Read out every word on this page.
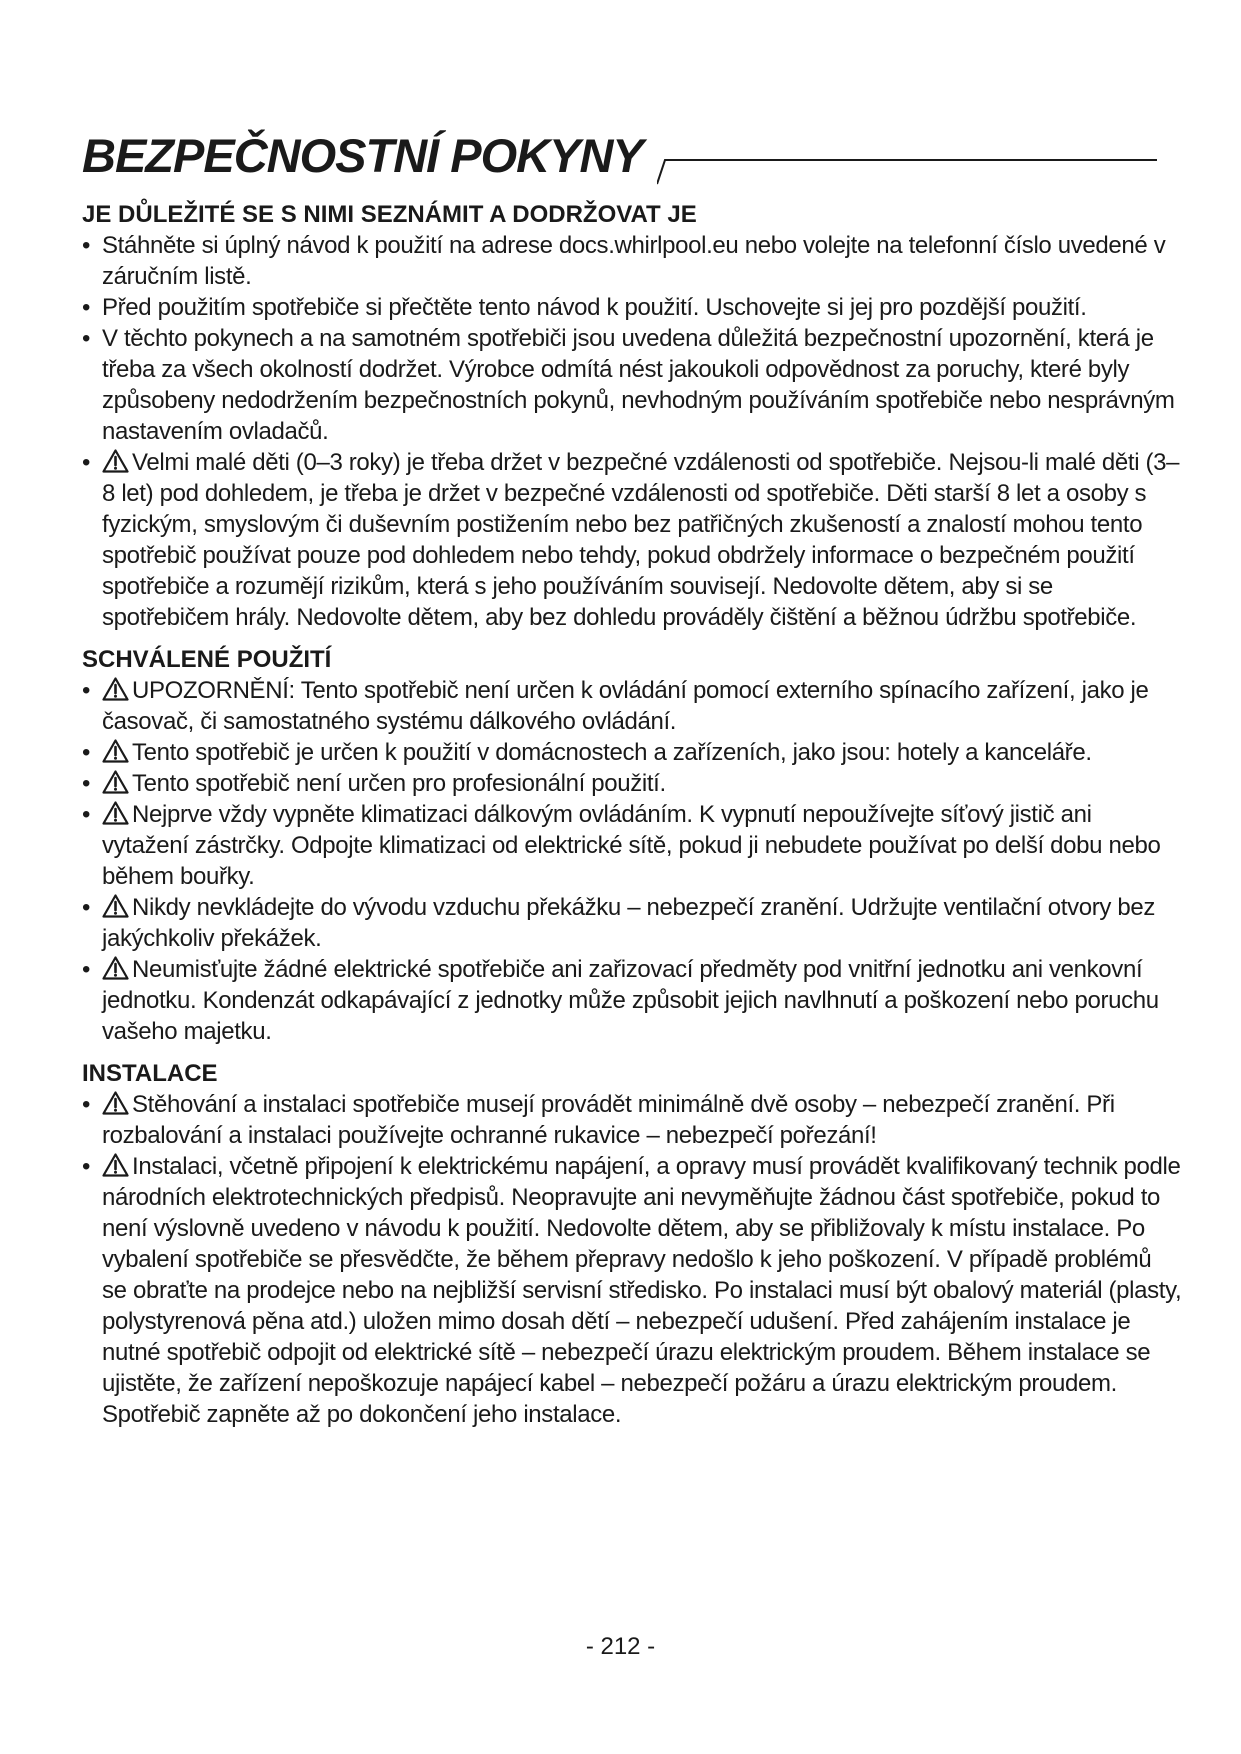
BEZPEČNOSTNÍ POKYNY
JE DŮLEŽITÉ SE S NIMI SEZNÁMIT A DODRŽOVAT JE
• Stáhněte si úplný návod k použití na adrese docs.whirlpool.eu nebo volejte na telefonní číslo uvedené v záručním listě.
• Před použitím spotřebiče si přečtěte tento návod k použití. Uschovejte si jej pro pozdější použití.
• V těchto pokynech a na samotném spotřebiči jsou uvedena důležitá bezpečnostní upozornění, která je třeba za všech okolností dodržet. Výrobce odmítá nést jakoukoli odpovědnost za poruchy, které byly způsobeny nedodržením bezpečnostních pokynů, nevhodným používáním spotřebiče nebo nesprávným nastavením ovladačů.
• Velmi malé děti (0–3 roky) je třeba držet v bezpečné vzdálenosti od spotřebiče. Nejsou-li malé děti (3–8 let) pod dohledem, je třeba je držet v bezpečné vzdálenosti od spotřebiče. Děti starší 8 let a osoby s fyzickým, smyslovým či duševním postižením nebo bez patřičných zkušeností a znalostí mohou tento spotřebič používat pouze pod dohledem nebo tehdy, pokud obdržely informace o bezpečném použití spotřebiče a rozumějí rizikům, která s jeho používáním souvisejí. Nedovolte dětem, aby si se spotřebičem hrály. Nedovolte dětem, aby bez dohledu prováděly čištění a běžnou údržbu spotřebiče.
SCHVÁLENÉ POUŽITÍ
• UPOZORNĚNÍ: Tento spotřebič není určen k ovládání pomocí externího spínacího zařízení, jako je časovač, či samostatného systému dálkového ovládání.
• Tento spotřebič je určen k použití v domácnostech a zařízeních, jako jsou: hotely a kanceláře.
• Tento spotřebič není určen pro profesionální použití.
• Nejprve vždy vypněte klimatizaci dálkovým ovládáním. K vypnutí nepoužívejte síťový jistič ani vytažení zástrčky. Odpojte klimatizaci od elektrické sítě, pokud ji nebudete používat po delší dobu nebo během bouřky.
• Nikdy nevkládejte do vývodu vzduchu překážku – nebezpečí zranění. Udržujte ventilační otvory bez jakýchkoliv překážek.
• Neumisťujte žádné elektrické spotřebiče ani zařizovací předměty pod vnitřní jednotku ani venkovní jednotku. Kondenzát odkapávající z jednotky může způsobit jejich navlhnutí a poškození nebo poruchu vašeho majetku.
INSTALACE
• Stěhování a instalaci spotřebiče musejí provádět minimálně dvě osoby – nebezpečí zranění. Při rozbalování a instalaci používejte ochranné rukavice – nebezpečí pořezání!
• Instalaci, včetně připojení k elektrickému napájení, a opravy musí provádět kvalifikovaný technik podle národních elektrotechnických předpisů. Neopravujte ani nevyměňujte žádnou část spotřebiče, pokud to není výslovně uvedeno v návodu k použití. Nedovolte dětem, aby se přibližovaly k místu instalace. Po vybalení spotřebiče se přesvědčte, že během přepravy nedošlo k jeho poškození. V případě problémů se obraťte na prodejce nebo na nejbližší servisní středisko. Po instalaci musí být obalový materiál (plasty, polystyrenová pěna atd.) uložen mimo dosah dětí – nebezpečí udušení. Před zahájením instalace je nutné spotřebič odpojit od elektrické sítě – nebezpečí úrazu elektrickým proudem. Během instalace se ujistěte, že zařízení nepoškozuje napájecí kabel – nebezpečí požáru a úrazu elektrickým proudem. Spotřebič zapněte až po dokončení jeho instalace.
- 212 -
